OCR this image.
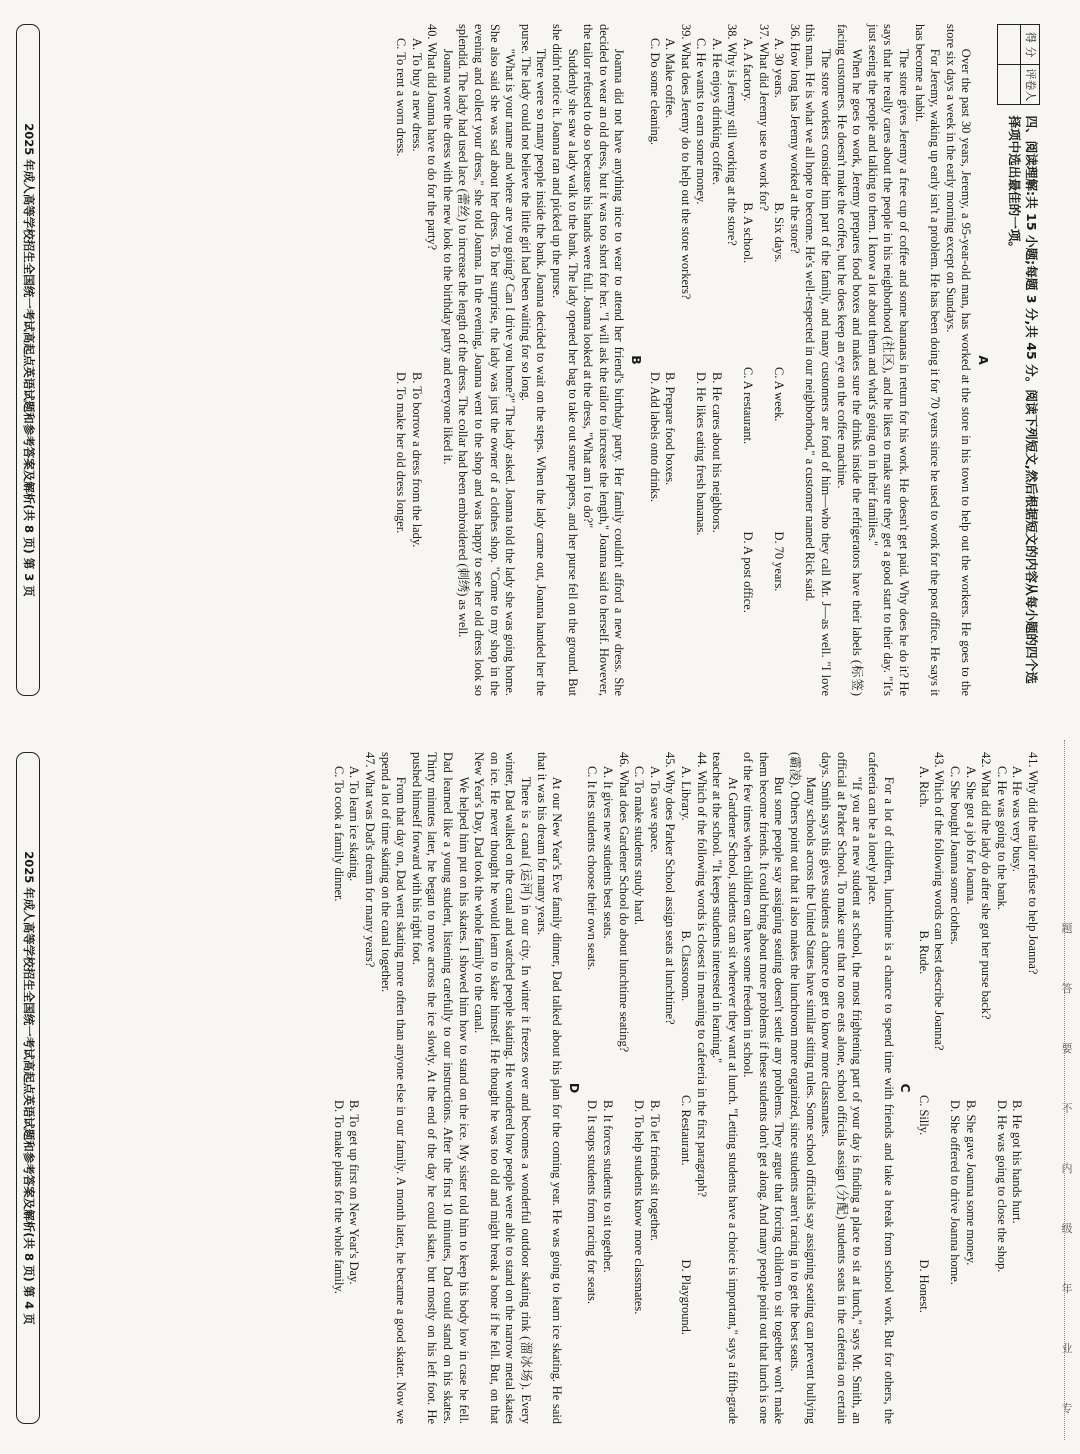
得 分	评卷人

四、阅读理解:共 15 小题;每题 3 分,共 45 分。阅读下列短文,然后根据短文的内容从每小题的四个选择项中选出最佳的一项。
A

Over the past 30 years, Jeremy, a 95-year-old man, has worked at the store in his town to help out the workers. He goes to the store six days a week in the early morning except on Sundays.

For Jeremy, waking up early isn't a problem. He has been doing it for 70 years since he used to work for the post office. He says it has become a habit.

The store gives Jeremy a free cup of coffee and some bananas in return for his work. He doesn't get paid. Why does he do it? He says that he really cares about the people in his neighborhood (社区), and he likes to make sure they get a good start to their day. "It's just seeing the people and talking to them. I know a lot about them and what's going on in their families."

When he goes to work, Jeremy prepares food boxes and makes sure the drinks inside the refrigerators have their labels (标签) facing customers. He doesn't make the coffee, but he does keep an eye on the coffee machine.

The store workers consider him part of the family, and many customers are fond of him—who they call Mr. J—as well. "I love this man. He is what we all hope to become. He's well-respected in our neighborhood," a customer named Rick said.

36. How long has Jeremy worked at the store?
A. 30 years.
B. Six days.
C. A week.
D. 70 years.
37. What did Jeremy use to work for?
A. A factory.
B. A school.
C. A restaurant.
D. A post office.
38. Why is Jeremy still working at the store?
A. He enjoys drinking coffee.
B. He cares about his neighbors.
C. He wants to earn some money.
D. He likes eating fresh bananas.
39. What does Jeremy do to help out the store workers?
A. Make coffee.
B. Prepare food boxes.
C. Do some cleaning.
D. Add labels onto drinks.
B

Joanna did not have anything nice to wear to attend her friend's birthday party. Her family couldn't afford a new dress. She decided to wear an old dress, but it was too short for her. "I will ask the tailor to increase the length," Joanna said to herself. However, the tailor refused to do so because his hands were full. Joanna looked at the dress, "What am I to do?"

Suddenly she saw a lady walk to the bank. The lady opened her bag to take out some papers, and her purse fell on the ground. But she didn't notice it. Joanna ran and picked up the purse.

There were so many people inside the bank. Joanna decided to wait on the steps. When the lady came out, Joanna handed her the purse. The lady could not believe the little girl had been waiting for so long.

"What is your name and where are you going? Can I drive you home?" The lady asked. Joanna told the lady she was going home. She also said she was sad about her dress. To her surprise, the lady was just the owner of a clothes shop. "Come to my shop in the evening and collect your dress," she told Joanna. In the evening, Joanna went to the shop and was happy to see her old dress look so splendid. The lady had used lace (蕾丝) to increase the length of the dress. The collar had been embroidered (刺绣) as well.

Joanna wore the dress with the new look to the birthday party and everyone liked it.

40. What did Joanna have to do for the party?
A. To buy a new dress.
B. To borrow a dress from the lady.
C. To rent a worn dress.
D. To make her old dress longer.
2025 年成人高等学校招生全国统一考试高起点英语试题和参考答案及解析(共 8 页) 第 3 页
41. Why did the tailor refuse to help Joanna?
A. He was very busy.
B. He got his hands hurt.
C. He was going to the bank.
D. He was going to close the shop.
42. What did the lady do after she got her purse back?
A. She got a job for Joanna.
B. She gave Joanna some money.
C. She bought Joanna some clothes.
D. She offered to drive Joanna home.
43. Which of the following words can best describe Joanna?
A. Rich.
B. Rude.
C. Silly.
D. Honest.
C

For a lot of children, lunchtime is a chance to spend time with friends and take a break from school work. But for others, the cafeteria can be a lonely place.

"If you are a new student at school, the most frightening part of your day is finding a place to sit at lunch," says Mr. Smith, an official at Parker School. To make sure that no one eats alone, school officials assign (分配) students seats in the cafeteria on certain days. Smith says this gives students a chance to get to know more classmates.

Many schools across the United States have similar sitting rules. Some school officials say assigning seating can prevent bullying (霸凌). Others point out that it also makes the lunchroom more organized, since students aren't racing in to get the best seats.

But some people say assigning seating doesn't settle any problems. They argue that forcing children to sit together won't make them become friends. It could bring about more problems if these students don't get along. And many people point out that lunch is one of the few times when children can have some freedom in school.

At Gardener School, students can sit wherever they want at lunch. "Letting students have a choice is important," says a fifth-grade teacher at the school. "It keeps students interested in learning."

44. Which of the following words is closest in meaning to cafeteria in the first paragraph?
A. Library.
B. Classroom.
C. Restaurant.
D. Playground.
45. Why does Parker School assign seats at lunchtime?
A. To save space.
B. To let friends sit together.
C. To make students study hard.
D. To help students know more classmates.
46. What does Gardener School do about lunchtime seating?
A. It gives new students best seats.
B. It forces students to sit together.
C. It lets students choose their own seats.
D. It stops students from racing for seats.
D

At our New Year's Eve family dinner, Dad talked about his plan for the coming year. He was going to learn ice skating. He said that it was his dream for many years.

There is a canal (运河) in our city. In winter it freezes over and becomes a wonderful outdoor skating rink (溜冰场). Every winter, Dad walked on the canal and watched people skating. He wondered how people were able to stand on the narrow metal skates on ice. He never thought he would learn to skate himself. He thought he was too old and might break a bone if he fell. But, on that New Year's Day, Dad took the whole family to the canal.

We helped him put on his skates. I showed him how to stand on the ice. My sister told him to keep his body low in case he fell. Dad learned like a young student, listening carefully to our instructions. After the first 10 minutes, Dad could stand on his skates. Thirty minutes later, he began to move across the ice slowly. At the end of the day he could skate, but mostly on his left foot. He pushed himself forward with his right foot.

From that day on, Dad went skating more often than anyone else in our family. A month later, he became a good skater. Now we spend a lot of time skating on the canal together.

47. What was Dad's dream for many years?
A. To learn ice skating.
B. To get up first on New Year's Day.
C. To cook a family dinner.
D. To make plans for the whole family.
2025 年成人高等学校招生全国统一考试高起点英语试题和参考答案及解析(共 8 页) 第 4 页
专
业
年
级
内
不
要
答
题
